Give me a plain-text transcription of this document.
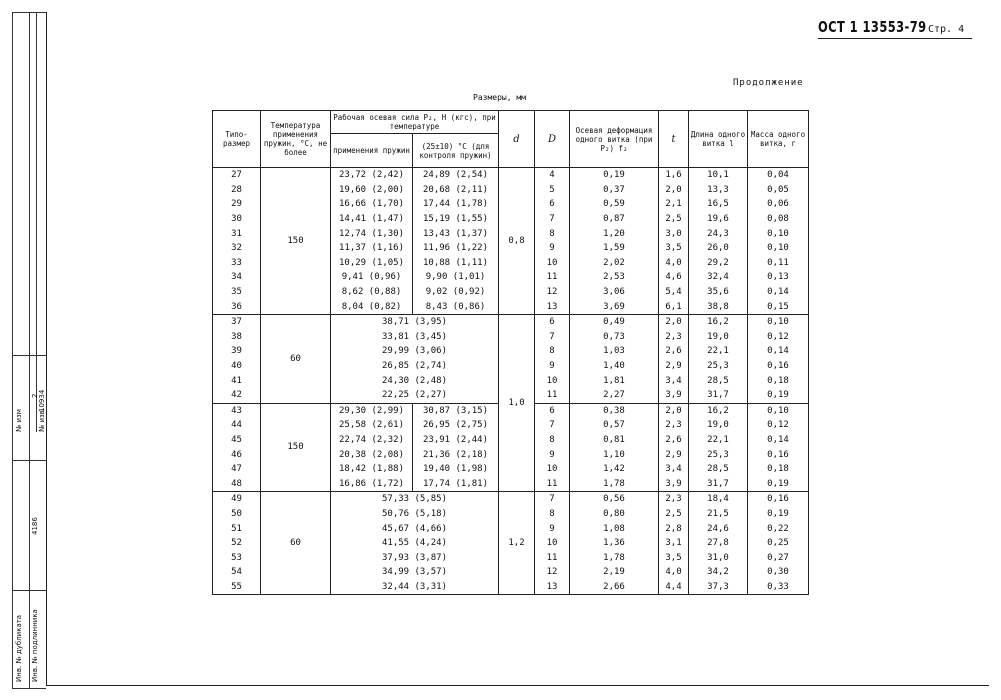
2 10934
№ изм № изв.
4186
Инв. № дубликата Инв. № подлинника
ОСТ 1 13553-79 Стр. 4
Продолжение
Размеры, мм
Типо-размер	Температура применения пружин, °C, не более	Рабочая осевая сила P₂, Н (кгс), при температуре		d	D	Осевая деформация одного витка (при P₂) f₂	t	Длина одного витка l	Масса одного витка, г
		применения пружин	(25±10) °C (для контроля пружин)						
27	150	23,72 (2,42)	24,89 (2,54)	0,8	4	0,19	1,6	10,1	0,04
28		19,60 (2,00)	20,68 (2,11)		5	0,37	2,0	13,3	0,05
29		16,66 (1,70)	17,44 (1,78)		6	0,59	2,1	16,5	0,06
30		14,41 (1,47)	15,19 (1,55)		7	0,87	2,5	19,6	0,08
31		12,74 (1,30)	13,43 (1,37)		8	1,20	3,0	24,3	0,10
32		11,37 (1,16)	11,96 (1,22)		9	1,59	3,5	26,0	0,10
33		10,29 (1,05)	10,88 (1,11)		10	2,02	4,0	29,2	0,11
34		9,41 (0,96)	9,90 (1,01)		11	2,53	4,6	32,4	0,13
35		8,62 (0,88)	9,02 (0,92)		12	3,06	5,4	35,6	0,14
36		8,04 (0,82)	8,43 (0,86)		13	3,69	6,1	38,8	0,15
37	60	38,71 (3,95)		1,0	6	0,49	2,0	16,2	0,10
38		33,81 (3,45)			7	0,73	2,3	19,0	0,12
39		29,99 (3,06)			8	1,03	2,6	22,1	0,14
40		26,85 (2,74)			9	1,40	2,9	25,3	0,16
41		24,30 (2,48)			10	1,81	3,4	28,5	0,18
42		22,25 (2,27)			11	2,27	3,9	31,7	0,19
43	150	29,30 (2,99)	30,87 (3,15)		6	0,38	2,0	16,2	0,10
44		25,58 (2,61)	26,95 (2,75)		7	0,57	2,3	19,0	0,12
45		22,74 (2,32)	23,91 (2,44)		8	0,81	2,6	22,1	0,14
46		20,38 (2,08)	21,36 (2,18)		9	1,10	2,9	25,3	0,16
47		18,42 (1,88)	19,40 (1,98)		10	1,42	3,4	28,5	0,18
48		16,86 (1,72)	17,74 (1,81)		11	1,78	3,9	31,7	0,19
49	60	57,33 (5,85)		1,2	7	0,56	2,3	18,4	0,16
50		50,76 (5,18)			8	0,80	2,5	21,5	0,19
51		45,67 (4,66)			9	1,08	2,8	24,6	0,22
52		41,55 (4,24)			10	1,36	3,1	27,8	0,25
53		37,93 (3,87)			11	1,78	3,5	31,0	0,27
54		34,99 (3,57)			12	2,19	4,0	34,2	0,30
55		32,44 (3,31)			13	2,66	4,4	37,3	0,33
